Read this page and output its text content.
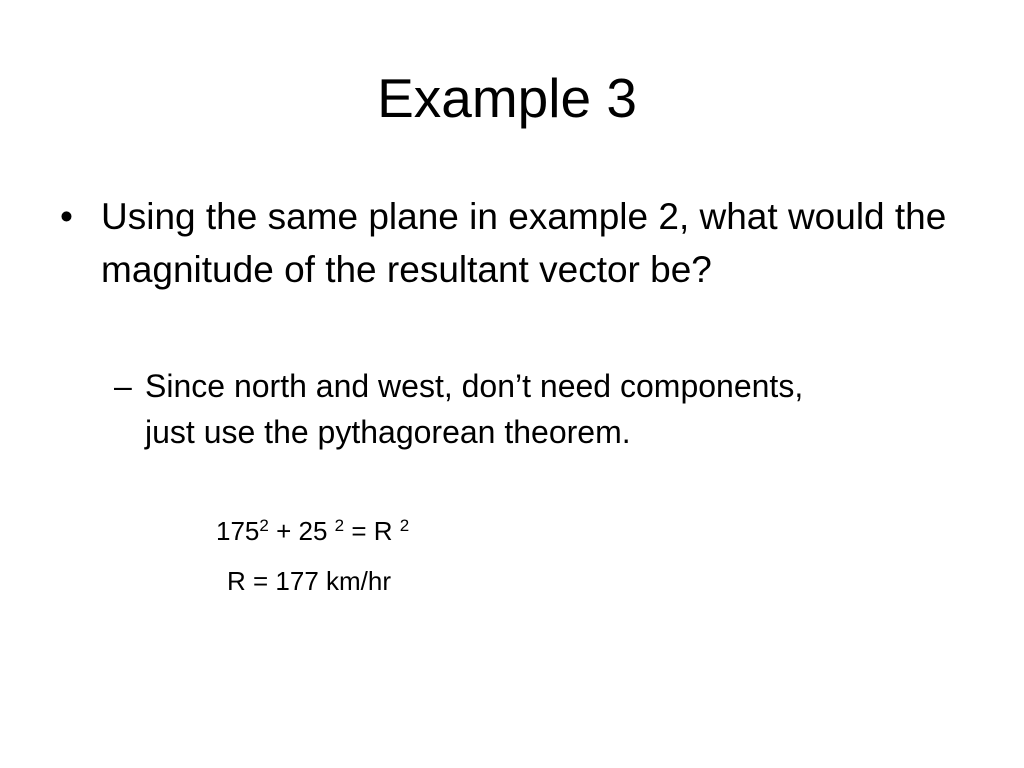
Example 3
• Using the same plane in example 2, what would the magnitude of the resultant vector be?
– Since north and west, don’t need components, just use the pythagorean theorem.
$175^2 + 25$ $^2$ = R $^2$
R = 177 km/hr
